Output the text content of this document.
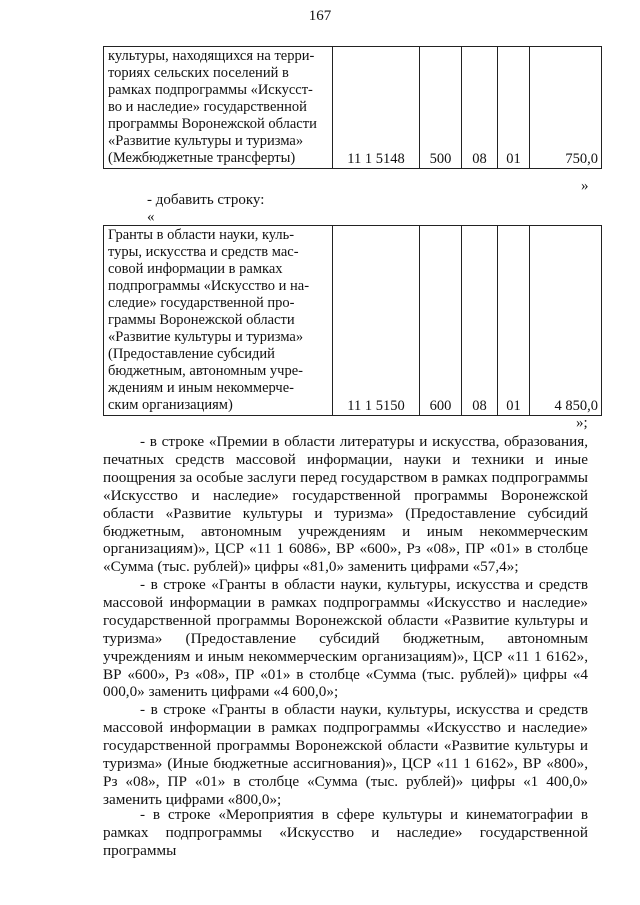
167
культуры, находящихся на терри-
ториях сельских поселений в
рамках подпрограммы «Искусст-
во и наследие» государственной
программы Воронежской области
«Развитие культуры и туризма»
(Межбюджетные трансферты)	11 1 5148	500	08	01	750,0
»
- добавить строку:
«
Гранты в области науки, куль-
туры, искусства и средств мас-
совой информации в рамках
подпрограммы «Искусство и на-
следие» государственной про-
граммы Воронежской области
«Развитие культуры и туризма»
(Предоставление субсидий
бюджетным, автономным учре-
ждениям и иным некоммерче-
ским организациям)	11 1 5150	600	08	01	4 850,0
»;
- в строке «Премии в области литературы и искусства, образования, печатных средств массовой информации, науки и техники и иные поощрения за особые заслуги перед государством в рамках подпрограммы «Искусство и наследие» государственной программы Воронежской области «Развитие культуры и туризма» (Предоставление субсидий бюджетным, автономным учреждениям и иным некоммерческим организациям)», ЦСР «11 1 6086», ВР «600», Рз «08», ПР «01» в столбце «Сумма (тыс. рублей)» цифры «81,0» заменить цифрами «57,4»;
- в строке «Гранты в области науки, культуры, искусства и средств массовой информации в рамках подпрограммы «Искусство и наследие» государственной программы Воронежской области «Развитие культуры и туризма» (Предоставление субсидий бюджетным, автономным учреждениям и иным некоммерческим организациям)», ЦСР «11 1 6162», ВР «600», Рз «08», ПР «01» в столбце «Сумма (тыс. рублей)» цифры «4 000,0» заменить цифрами «4 600,0»;
- в строке «Гранты в области науки, культуры, искусства и средств массовой информации в рамках подпрограммы «Искусство и наследие» государственной программы Воронежской области «Развитие культуры и туризма» (Иные бюджетные ассигнования)», ЦСР «11 1 6162», ВР «800», Рз «08», ПР «01» в столбце «Сумма (тыс. рублей)» цифры «1 400,0» заменить цифрами «800,0»;
- в строке «Мероприятия в сфере культуры и кинематографии в рамках подпрограммы «Искусство и наследие» государственной программы
